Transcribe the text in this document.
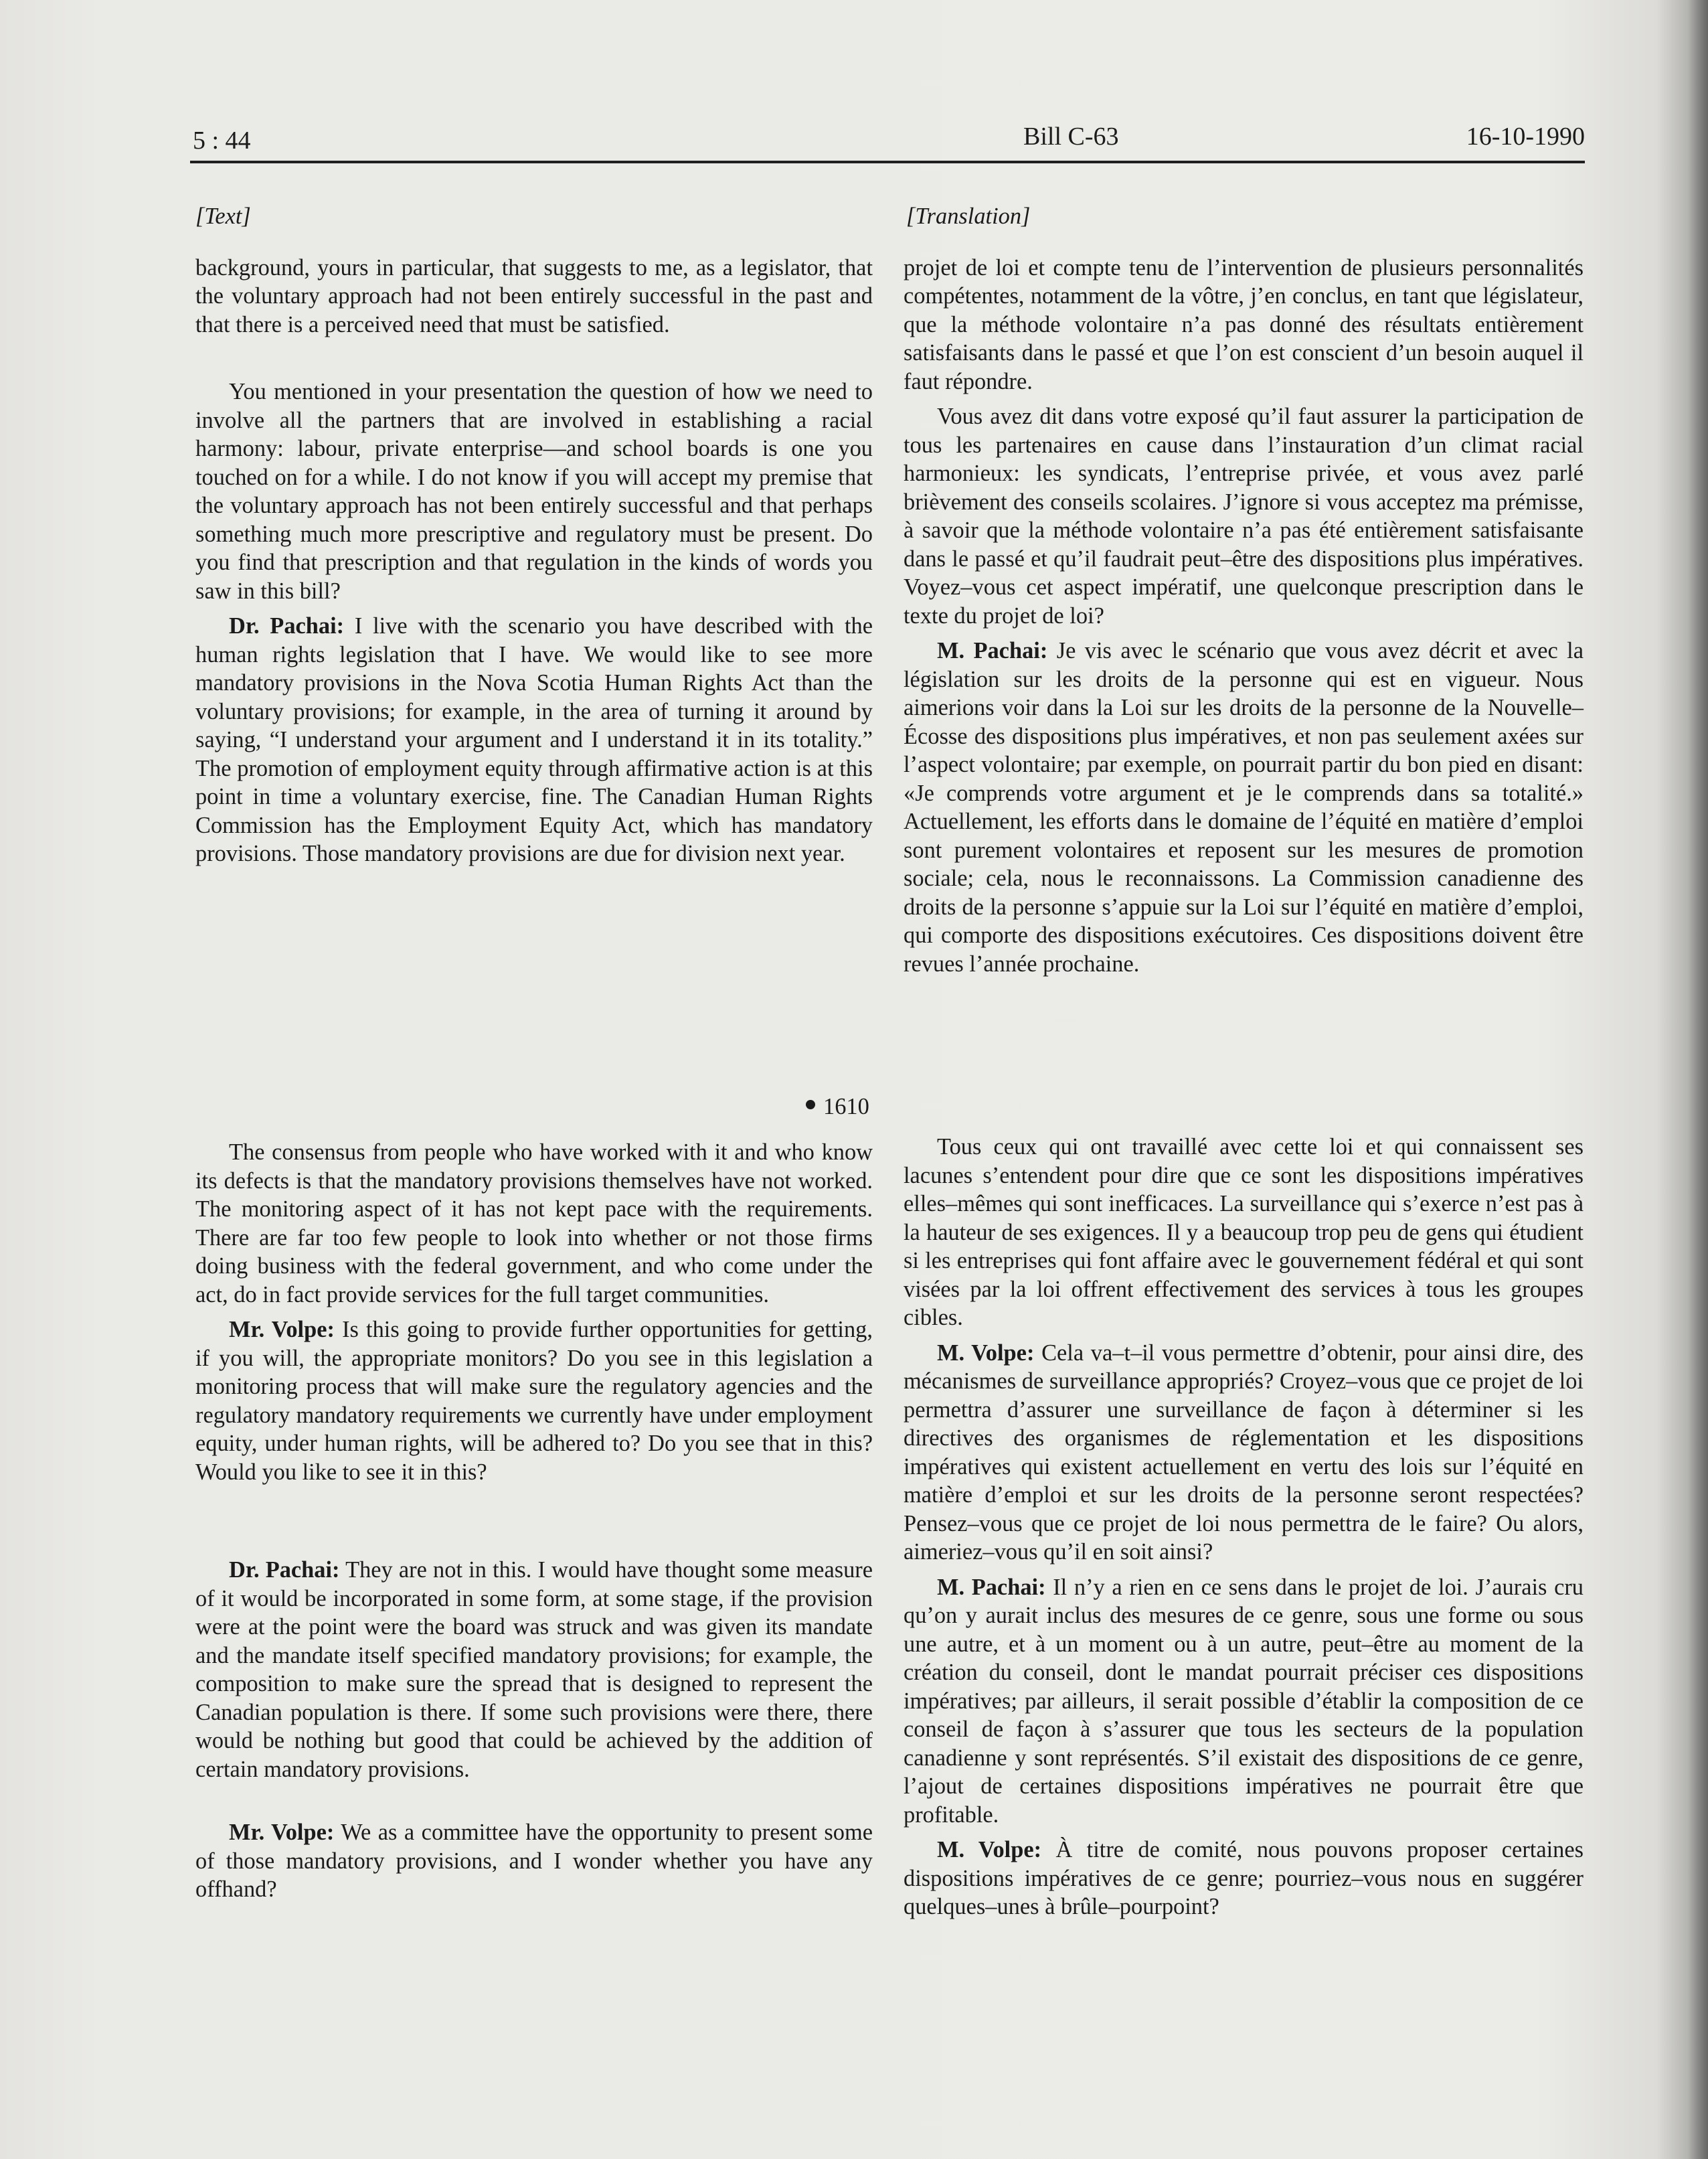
5 : 44	Bill C-63	16-10-1990
[Text]

background, yours in particular, that suggests to me, as a legislator, that the voluntary approach had not been entirely successful in the past and that there is a perceived need that must be satisfied.

You mentioned in your presentation the question of how we need to involve all the partners that are involved in establishing a racial harmony: labour, private enterprise—and school boards is one you touched on for a while. I do not know if you will accept my premise that the voluntary approach has not been entirely successful and that perhaps something much more prescriptive and regulatory must be present. Do you find that prescription and that regulation in the kinds of words you saw in this bill?

Dr. Pachai: I live with the scenario you have described with the human rights legislation that I have. We would like to see more mandatory provisions in the Nova Scotia Human Rights Act than the voluntary provisions; for example, in the area of turning it around by saying, “I understand your argument and I understand it in its totality.” The promotion of employment equity through affirmative action is at this point in time a voluntary exercise, fine. The Canadian Human Rights Commission has the Employment Equity Act, which has mandatory provisions. Those mandatory provisions are due for division next year.

1610

The consensus from people who have worked with it and who know its defects is that the mandatory provisions themselves have not worked. The monitoring aspect of it has not kept pace with the requirements. There are far too few people to look into whether or not those firms doing business with the federal government, and who come under the act, do in fact provide services for the full target communities.

Mr. Volpe: Is this going to provide further opportunities for getting, if you will, the appropriate monitors? Do you see in this legislation a monitoring process that will make sure the regulatory agencies and the regulatory mandatory requirements we currently have under employment equity, under human rights, will be adhered to? Do you see that in this? Would you like to see it in this?

Dr. Pachai: They are not in this. I would have thought some measure of it would be incorporated in some form, at some stage, if the provision were at the point were the board was struck and was given its mandate and the mandate itself specified mandatory provisions; for example, the composition to make sure the spread that is designed to represent the Canadian population is there. If some such provisions were there, there would be nothing but good that could be achieved by the addition of certain mandatory provisions.

Mr. Volpe: We as a committee have the opportunity to present some of those mandatory provisions, and I wonder whether you have any offhand?

[Translation]

projet de loi et compte tenu de l’intervention de plusieurs personnalités compétentes, notamment de la vôtre, j’en conclus, en tant que législateur, que la méthode volontaire n’a pas donné des résultats entièrement satisfaisants dans le passé et que l’on est conscient d’un besoin auquel il faut répondre.

Vous avez dit dans votre exposé qu’il faut assurer la participation de tous les partenaires en cause dans l’instauration d’un climat racial harmonieux: les syndicats, l’entreprise privée, et vous avez parlé brièvement des conseils scolaires. J’ignore si vous acceptez ma prémisse, à savoir que la méthode volontaire n’a pas été entièrement satisfaisante dans le passé et qu’il faudrait peut–être des dispositions plus impératives. Voyez–vous cet aspect impératif, une quelconque prescription dans le texte du projet de loi?

M. Pachai: Je vis avec le scénario que vous avez décrit et avec la législation sur les droits de la personne qui est en vigueur. Nous aimerions voir dans la Loi sur les droits de la personne de la Nouvelle–Écosse des dispositions plus impératives, et non pas seulement axées sur l’aspect volontaire; par exemple, on pourrait partir du bon pied en disant: «Je comprends votre argument et je le comprends dans sa totalité.» Actuellement, les efforts dans le domaine de l’équité en matière d’emploi sont purement volontaires et reposent sur les mesures de promotion sociale; cela, nous le reconnaissons. La Commission canadienne des droits de la personne s’appuie sur la Loi sur l’équité en matière d’emploi, qui comporte des dispositions exécutoires. Ces dispositions doivent être revues l’année prochaine.

Tous ceux qui ont travaillé avec cette loi et qui connaissent ses lacunes s’entendent pour dire que ce sont les dispositions impératives elles–mêmes qui sont inefficaces. La surveillance qui s’exerce n’est pas à la hauteur de ses exigences. Il y a beaucoup trop peu de gens qui étudient si les entreprises qui font affaire avec le gouvernement fédéral et qui sont visées par la loi offrent effectivement des services à tous les groupes cibles.

M. Volpe: Cela va–t–il vous permettre d’obtenir, pour ainsi dire, des mécanismes de surveillance appropriés? Croyez–vous que ce projet de loi permettra d’assurer une surveillance de façon à déterminer si les directives des organismes de réglementation et les dispositions impératives qui existent actuellement en vertu des lois sur l’équité en matière d’emploi et sur les droits de la personne seront respectées? Pensez–vous que ce projet de loi nous permettra de le faire? Ou alors, aimeriez–vous qu’il en soit ainsi?

M. Pachai: Il n’y a rien en ce sens dans le projet de loi. J’aurais cru qu’on y aurait inclus des mesures de ce genre, sous une forme ou sous une autre, et à un moment ou à un autre, peut–être au moment de la création du conseil, dont le mandat pourrait préciser ces dispositions impératives; par ailleurs, il serait possible d’établir la composition de ce conseil de façon à s’assurer que tous les secteurs de la population canadienne y sont représentés. S’il existait des dispositions de ce genre, l’ajout de certaines dispositions impératives ne pourrait être que profitable.

M. Volpe: À titre de comité, nous pouvons proposer certaines dispositions impératives de ce genre; pourriez–vous nous en suggérer quelques–unes à brûle–pourpoint?
